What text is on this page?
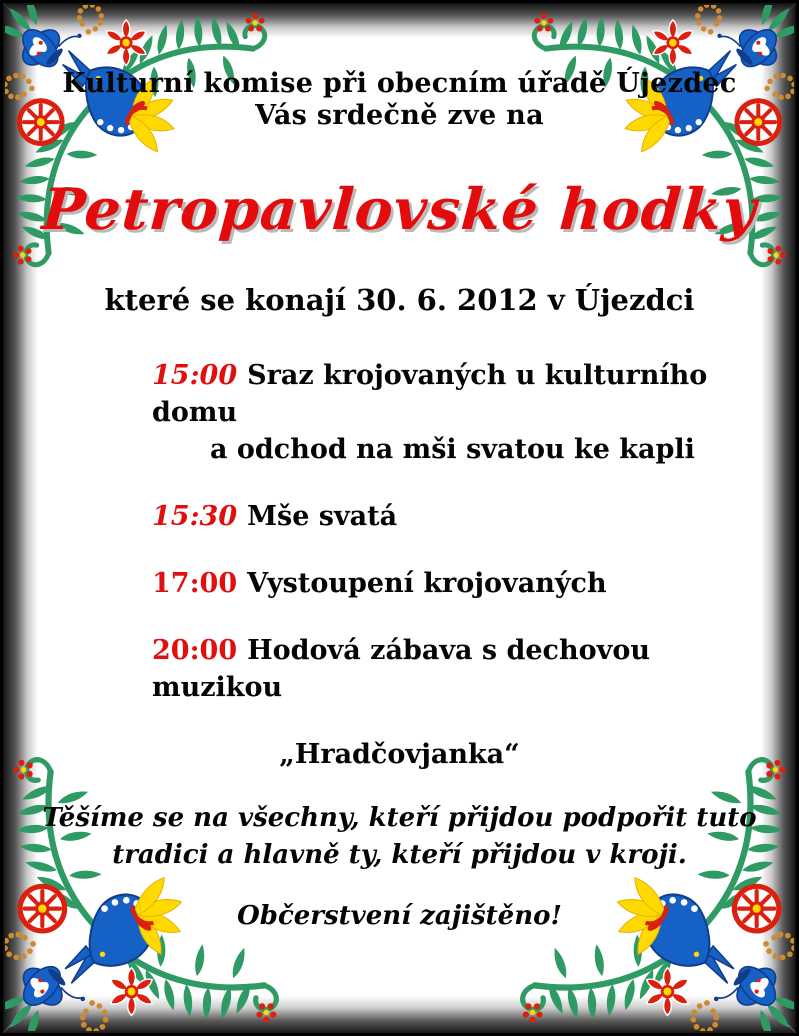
Kulturní komise při obecním úřadě Újezdec
Vás srdečně zve na
Petropavlovské hodky
které se konají 30. 6. 2012 v Újezdci
15:00 Sraz krojovaných u kulturního domu
a odchod na mši svatou ke kapli
15:30 Mše svatá
17:00 Vystoupení krojovaných
20:00 Hodová zábava s dechovou muzikou
„Hradčovjanka“
Těšíme se na všechny, kteří přijdou podpořit tuto
tradici a hlavně ty, kteří přijdou v kroji.
Občerstvení zajištěno!
